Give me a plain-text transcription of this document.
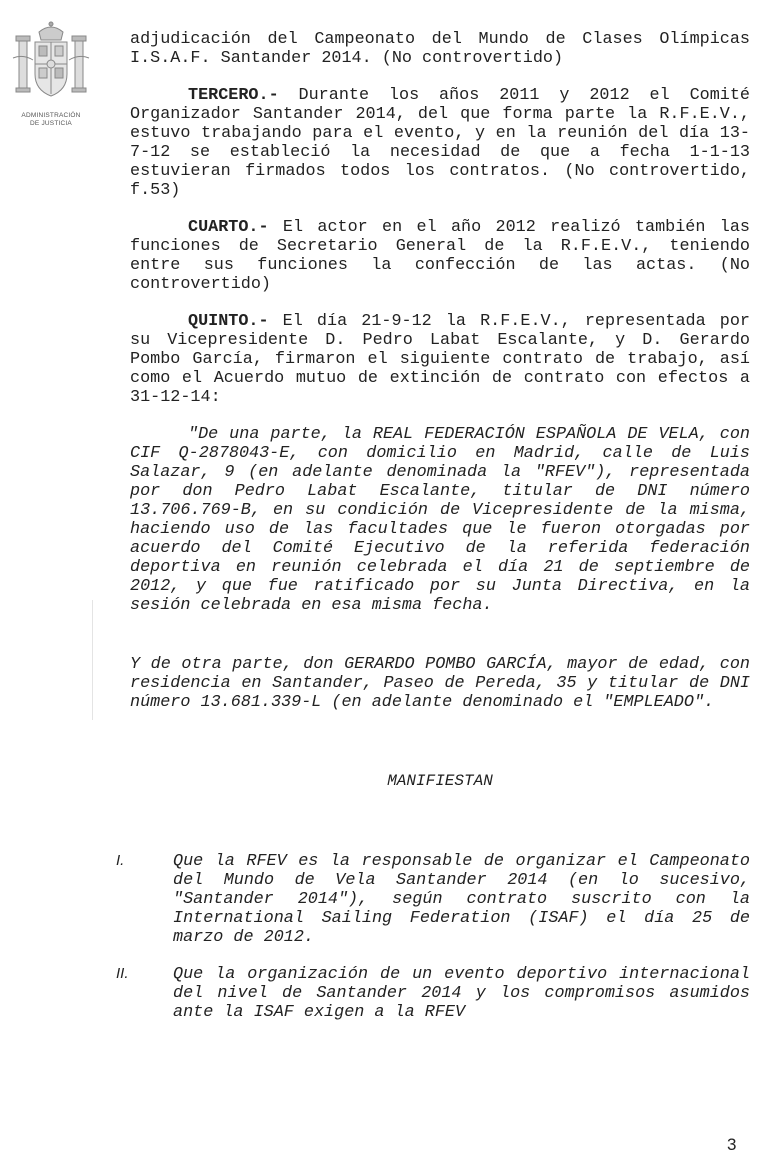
ADMINISTRACIÓN
DE JUSTICIA

adjudicación del Campeonato del Mundo de Clases Olímpicas I.S.A.F. Santander 2014. (No controvertido)

TERCERO.- Durante los años 2011 y 2012 el Comité Organizador Santander 2014, del que forma parte la R.F.E.V., estuvo trabajando para el evento, y en la reunión del día 13-7-12 se estableció la necesidad de que a fecha 1-1-13 estuvieran firmados todos los contratos. (No controvertido, f.53)

CUARTO.- El actor en el año 2012 realizó también las funciones de Secretario General de la R.F.E.V., teniendo entre sus funciones la confección de las actas. (No controvertido)

QUINTO.- El día 21-9-12 la R.F.E.V., representada por su Vicepresidente D. Pedro Labat Escalante, y D. Gerardo Pombo García, firmaron el siguiente contrato de trabajo, así como el Acuerdo mutuo de extinción de contrato con efectos a 31-12-14:

"De una parte, la REAL FEDERACIÓN ESPAÑOLA DE VELA, con CIF Q-2878043-E, con domicilio en Madrid, calle de Luis Salazar, 9 (en adelante denominada la "RFEV"), representada por don Pedro Labat Escalante, titular de DNI número 13.706.769-B, en su condición de Vicepresidente de la misma, haciendo uso de las facultades que le fueron otorgadas por acuerdo del Comité Ejecutivo de la referida federación deportiva en reunión celebrada el día 21 de septiembre de 2012, y que fue ratificado por su Junta Directiva, en la sesión celebrada en esa misma fecha.

Y de otra parte, don GERARDO POMBO GARCÍA, mayor de edad, con residencia en Santander, Paseo de Pereda, 35 y titular de DNI número 13.681.339-L (en adelante denominado el "EMPLEADO".

MANIFIESTAN

I.	Que la RFEV es la responsable de organizar el Campeonato del Mundo de Vela Santander 2014 (en lo sucesivo, "Santander 2014"), según contrato suscrito con la International Sailing Federation (ISAF) el día 25 de marzo de 2012.

II.	Que la organización de un evento deportivo internacional del nivel de Santander 2014 y los compromisos asumidos ante la ISAF exigen a la RFEV

3
